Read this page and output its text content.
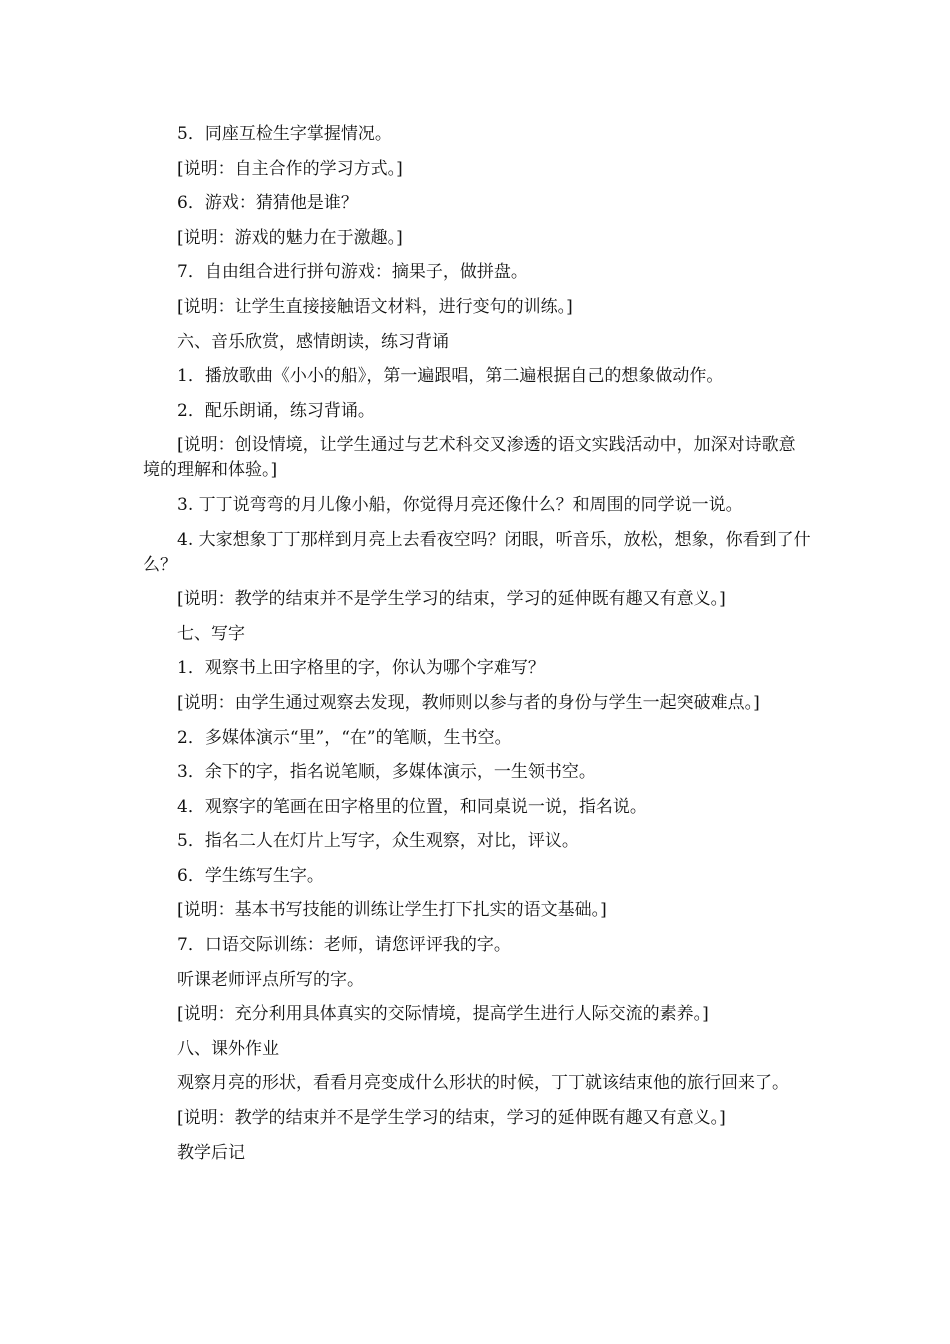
5．同座互检生字掌握情况。

[说明：自主合作的学习方式。]

6．游戏：猜猜他是谁？

[说明：游戏的魅力在于激趣。]

7．自由组合进行拼句游戏：摘果子，做拼盘。

[说明：让学生直接接触语文材料，进行变句的训练。]

六、音乐欣赏，感情朗读，练习背诵

1．播放歌曲《小小的船》，第一遍跟唱，第二遍根据自己的想象做动作。

2．配乐朗诵，练习背诵。

[说明：创设情境，让学生通过与艺术科交叉渗透的语文实践活动中，加深对诗歌意境的理解和体验。]

3. 丁丁说弯弯的月儿像小船，你觉得月亮还像什么？和周围的同学说一说。

4. 大家想象丁丁那样到月亮上去看夜空吗？闭眼，听音乐，放松，想象，你看到了什么？

[说明：教学的结束并不是学生学习的结束，学习的延伸既有趣又有意义。]

七、写字

1．观察书上田字格里的字，你认为哪个字难写？

[说明：由学生通过观察去发现，教师则以参与者的身份与学生一起突破难点。]

2．多媒体演示“里”，“在”的笔顺，生书空。

3．余下的字，指名说笔顺，多媒体演示，一生领书空。

4．观察字的笔画在田字格里的位置，和同桌说一说，指名说。

5．指名二人在灯片上写字，众生观察，对比，评议。

6．学生练写生字。

[说明：基本书写技能的训练让学生打下扎实的语文基础。]

7．口语交际训练：老师，请您评评我的字。

听课老师评点所写的字。

[说明：充分利用具体真实的交际情境，提高学生进行人际交流的素养。]

八、课外作业

观察月亮的形状，看看月亮变成什么形状的时候，丁丁就该结束他的旅行回来了。

[说明：教学的结束并不是学生学习的结束，学习的延伸既有趣又有意义。]

教学后记
